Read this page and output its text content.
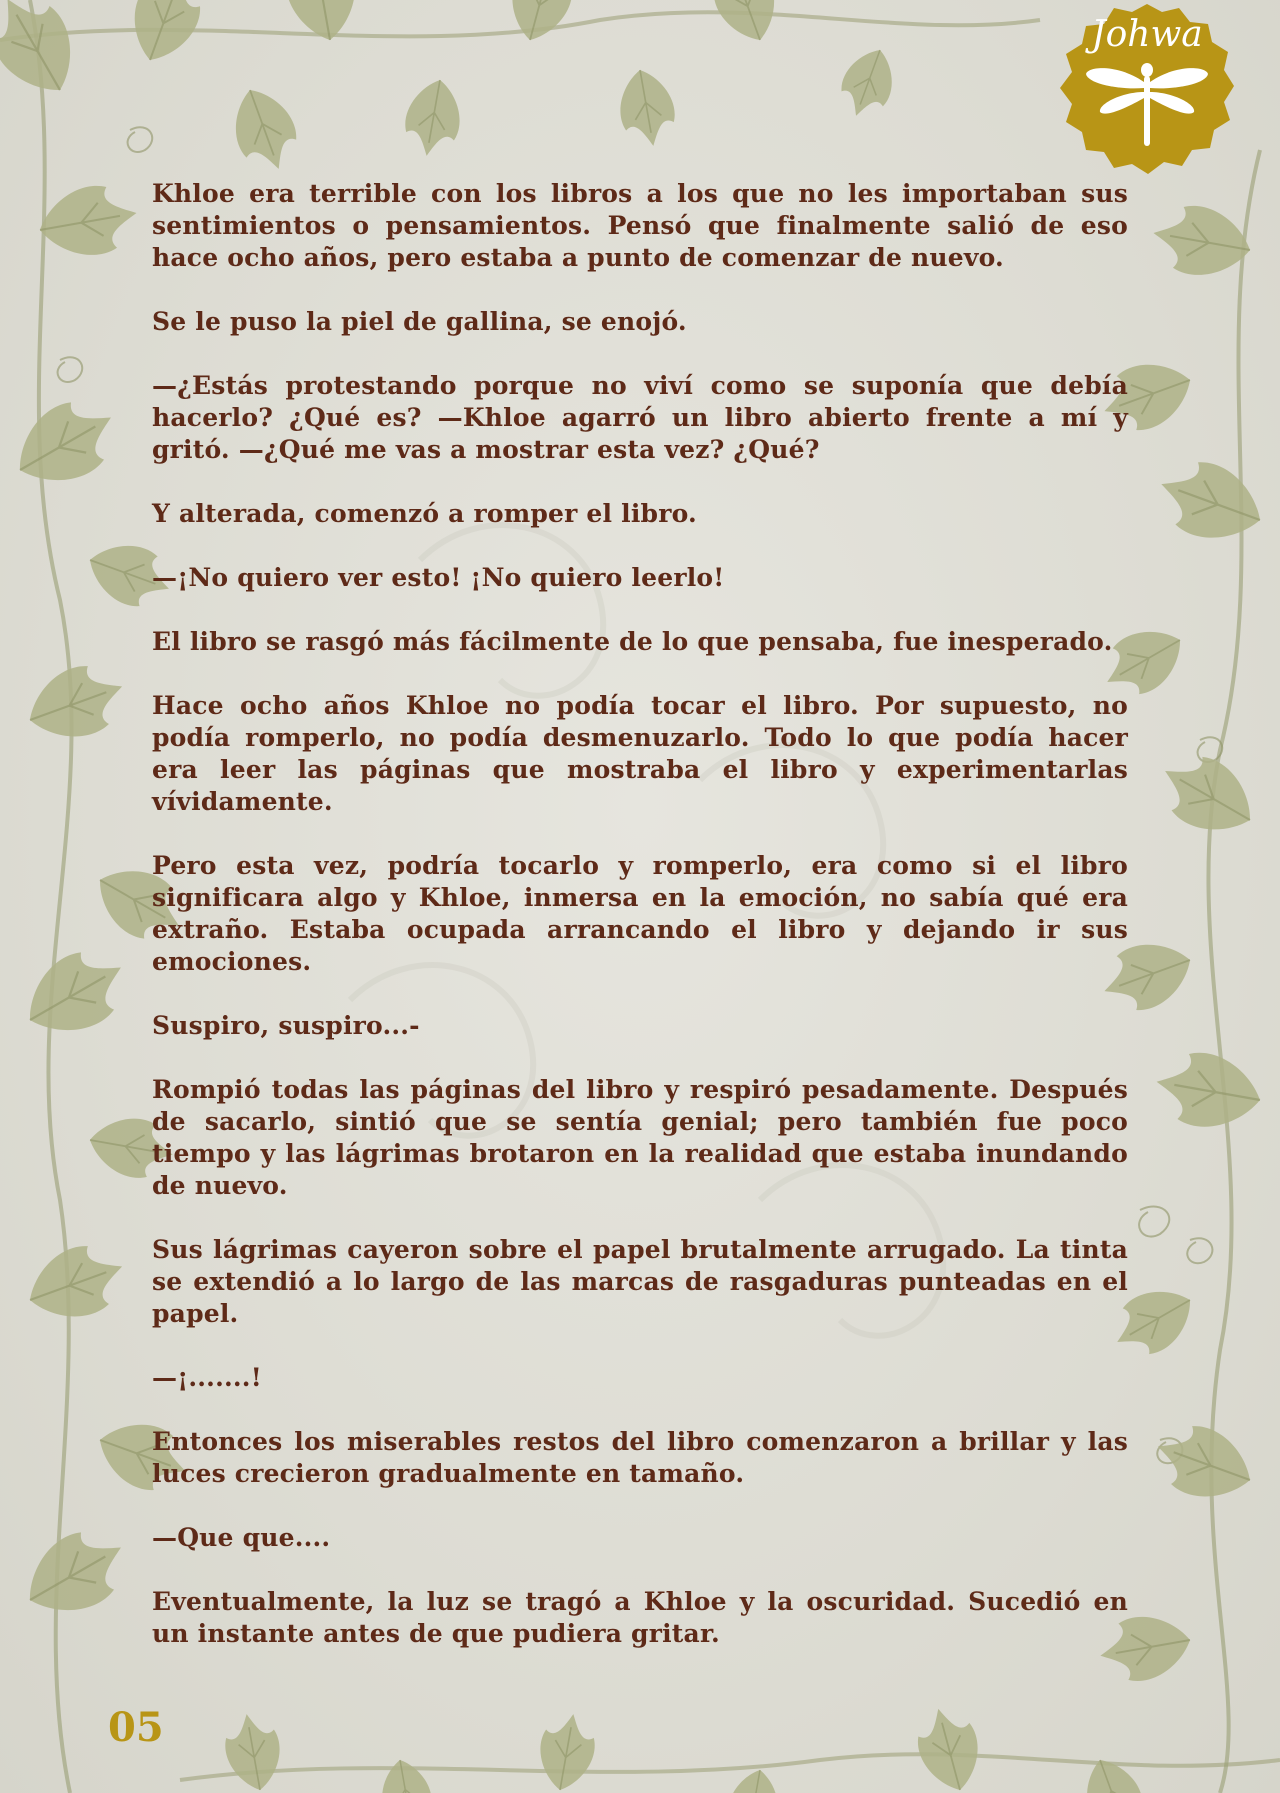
Johwa

Khloe era terrible con los libros a los que no les importaban sus sentimientos o pensamientos. Pensó que finalmente salió de eso hace ocho años, pero estaba a punto de comenzar de nuevo.

Se le puso la piel de gallina, se enojó.

—¿Estás protestando porque no viví como se suponía que debía hacerlo? ¿Qué es? —Khloe agarró un libro abierto frente a mí y gritó. —¿Qué me vas a mostrar esta vez? ¿Qué?

Y alterada, comenzó a romper el libro.

—¡No quiero ver esto! ¡No quiero leerlo!

El libro se rasgó más fácilmente de lo que pensaba, fue inesperado.

Hace ocho años Khloe no podía tocar el libro. Por supuesto, no podía romperlo, no podía desmenuzarlo. Todo lo que podía hacer era leer las páginas que mostraba el libro y experimentarlas vívidamente.

Pero esta vez, podría tocarlo y romperlo, era como si el libro significara algo y Khloe, inmersa en la emoción, no sabía qué era extraño. Estaba ocupada arrancando el libro y dejando ir sus emociones.

Suspiro, suspiro...-

Rompió todas las páginas del libro y respiró pesadamente. Después de sacarlo, sintió que se sentía genial; pero también fue poco tiempo y las lágrimas brotaron en la realidad que estaba inundando de nuevo.

Sus lágrimas cayeron sobre el papel brutalmente arrugado. La tinta se extendió a lo largo de las marcas de rasgaduras punteadas en el papel.

—¡.......!

Entonces los miserables restos del libro comenzaron a brillar y las luces crecieron gradualmente en tamaño.

—Que que....

Eventualmente, la luz se tragó a Khloe y la oscuridad. Sucedió en un instante antes de que pudiera gritar.

05
